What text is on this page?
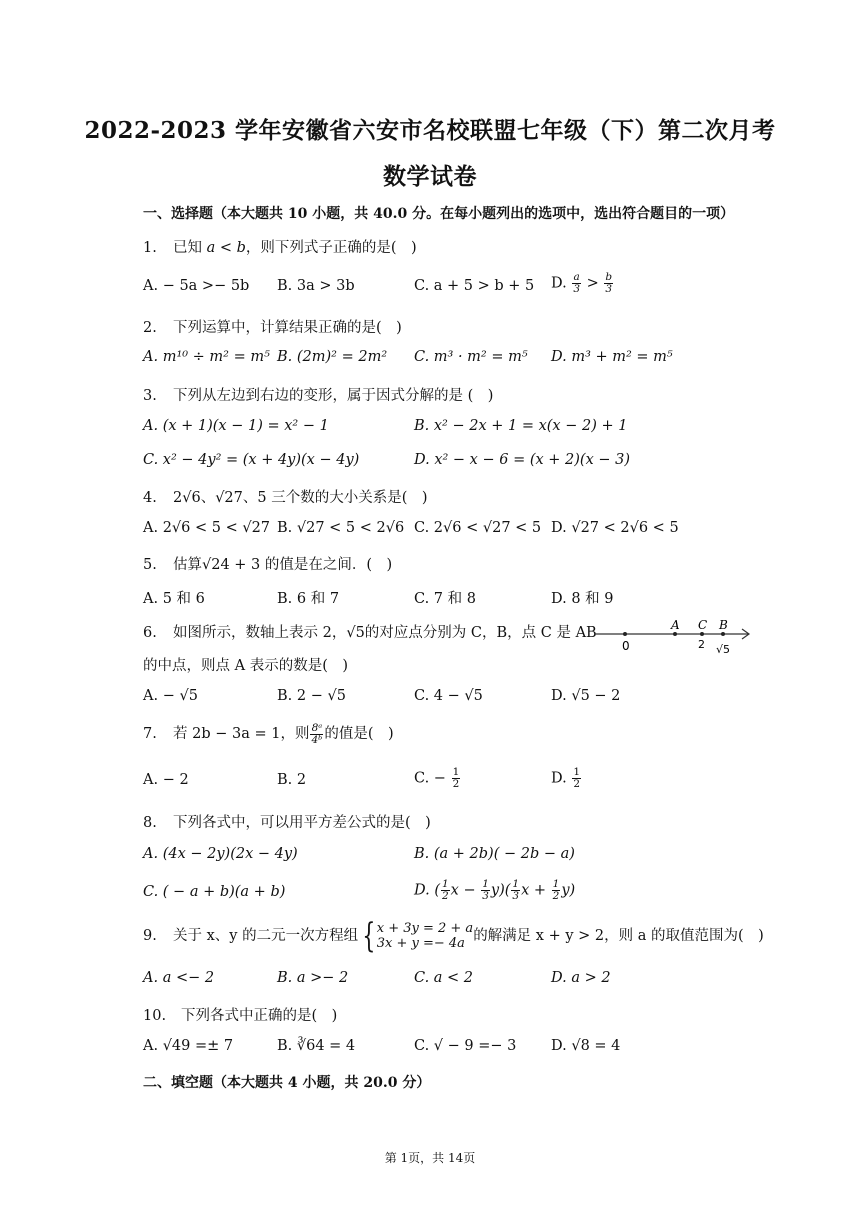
2022-2023 学年安徽省六安市名校联盟七年级（下）第二次月考
数学试卷
一、选择题（本大题共 10 小题，共 40.0 分。在每小题列出的选项中，选出符合题目的一项）
1. 已知 a < b，则下列式子正确的是(　)
A. − 5a >− 5b B. 3a > 3b	C. a + 5 > b + 5 D. $\frac{a}{3} > \frac{b}{3}$
2. 下列运算中，计算结果正确的是(　)
A. m¹⁰ ÷ m² = m⁵ B. (2m)² = 2m² C. m³ · m² = m⁵ D. m³ + m² = m⁵
3. 下列从左边到右边的变形，属于因式分解的是 (　)
A. (x + 1)(x − 1) = x² − 1	B. x² − 2x + 1 = x(x − 2) + 1
C. x² − 4y² = (x + 4y)(x − 4y)	D. x² − x − 6 = (x + 2)(x − 3)
4. 2√6、√27、5 三个数的大小关系是(　)
A. 2√6 < 5 < √27 B. √27 < 5 < 2√6 C. 2√6 < √27 < 5 D. √27 < 2√6 < 5
5. 估算√24 + 3 的值是在之间．(　)
A. 5 和 6	B. 6 和 7	C. 7 和 8	D. 8 和 9
6. 如图所示，数轴上表示 2，√5的对应点分别为 C，B，点 C 是 AB
的中点，则点 A 表示的数是(　)
0
A C B
2 √5
A. − √5	B. 2 − √5	C. 4 − √5	D. √5 − 2
7. 若 2b − 3a = 1，则 $\frac{\text{8ᵃ}}{\text{4ᵇ}}$ 的值是(　)
A. − 2	B. 2	C. − $\frac{1}{2}$	D. $\frac{1}{2}$
8. 下列各式中，可以用平方差公式的是(　)
A. (4x − 2y)(2x − 4y)	B. (a + 2b)( − 2b − a)
C. ( − a + b)(a + b)	D. ( $\frac{1}{2}$ $x - \frac{1}{3} y)( \frac{1}{3}$ $x + \frac{1}{2} y$)
9. 关于 x、y 的二元一次方程组 { x + 3y = 2 + a
3x + y =− 4a 的解满足 x + y > 2，则 a 的取值范围为(　)
A. a <− 2	B. a >− 2	C. a < 2	D. a > 2
10. 下列各式中正确的是(　)
A. √49 =± 7	B. ∛64 = 4	C. √ − 9 =− 3 D. √8 = 4
二、填空题（本大题共 4 小题，共 20.0 分）
第 1页，共 14页
